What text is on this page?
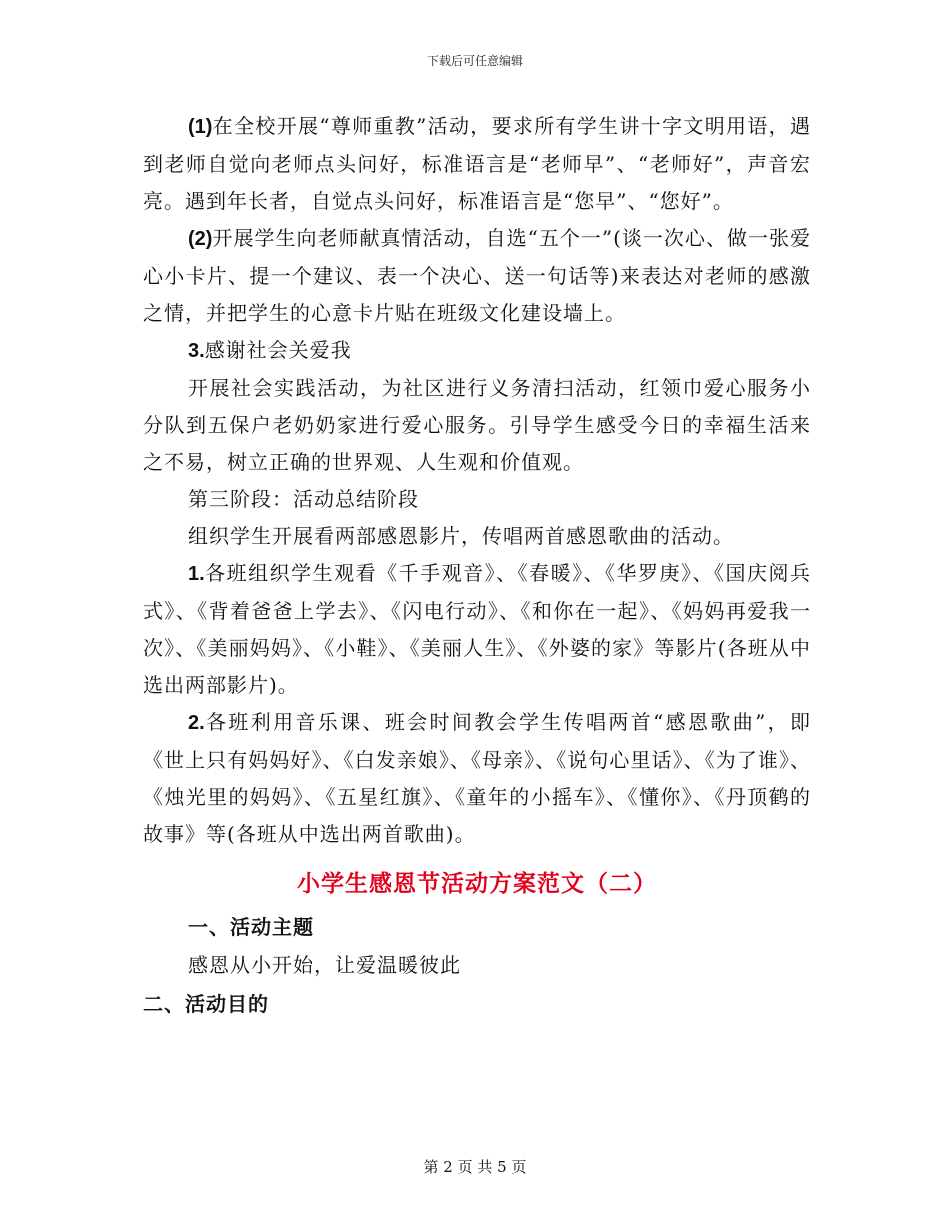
下载后可任意编辑

(1)在全校开展“尊师重教”活动，要求所有学生讲十字文明用语，遇到老师自觉向老师点头问好，标准语言是“老师早”、“老师好”，声音宏亮。遇到年长者，自觉点头问好，标准语言是“您早”、“您好”。

(2)开展学生向老师献真情活动，自选“五个一”(谈一次心、做一张爱心小卡片、提一个建议、表一个决心、送一句话等)来表达对老师的感激之情，并把学生的心意卡片贴在班级文化建设墙上。

3.感谢社会关爱我

开展社会实践活动，为社区进行义务清扫活动，红领巾爱心服务小分队到五保户老奶奶家进行爱心服务。引导学生感受今日的幸福生活来之不易，树立正确的世界观、人生观和价值观。

第三阶段：活动总结阶段

组织学生开展看两部感恩影片，传唱两首感恩歌曲的活动。

1.各班组织学生观看《千手观音》、《春暖》、《华罗庚》、《国庆阅兵式》、《背着爸爸上学去》、《闪电行动》、《和你在一起》、《妈妈再爱我一次》、《美丽妈妈》、《小鞋》、《美丽人生》、《外婆的家》等影片(各班从中选出两部影片)。

2.各班利用音乐课、班会时间教会学生传唱两首“感恩歌曲”，即《世上只有妈妈好》、《白发亲娘》、《母亲》、《说句心里话》、《为了谁》、《烛光里的妈妈》、《五星红旗》、《童年的小摇车》、《懂你》、《丹顶鹤的故事》等(各班从中选出两首歌曲)。

小学生感恩节活动方案范文（二）
一、活动主题

感恩从小开始，让爱温暖彼此

二、活动目的
第 2 页 共 5 页
